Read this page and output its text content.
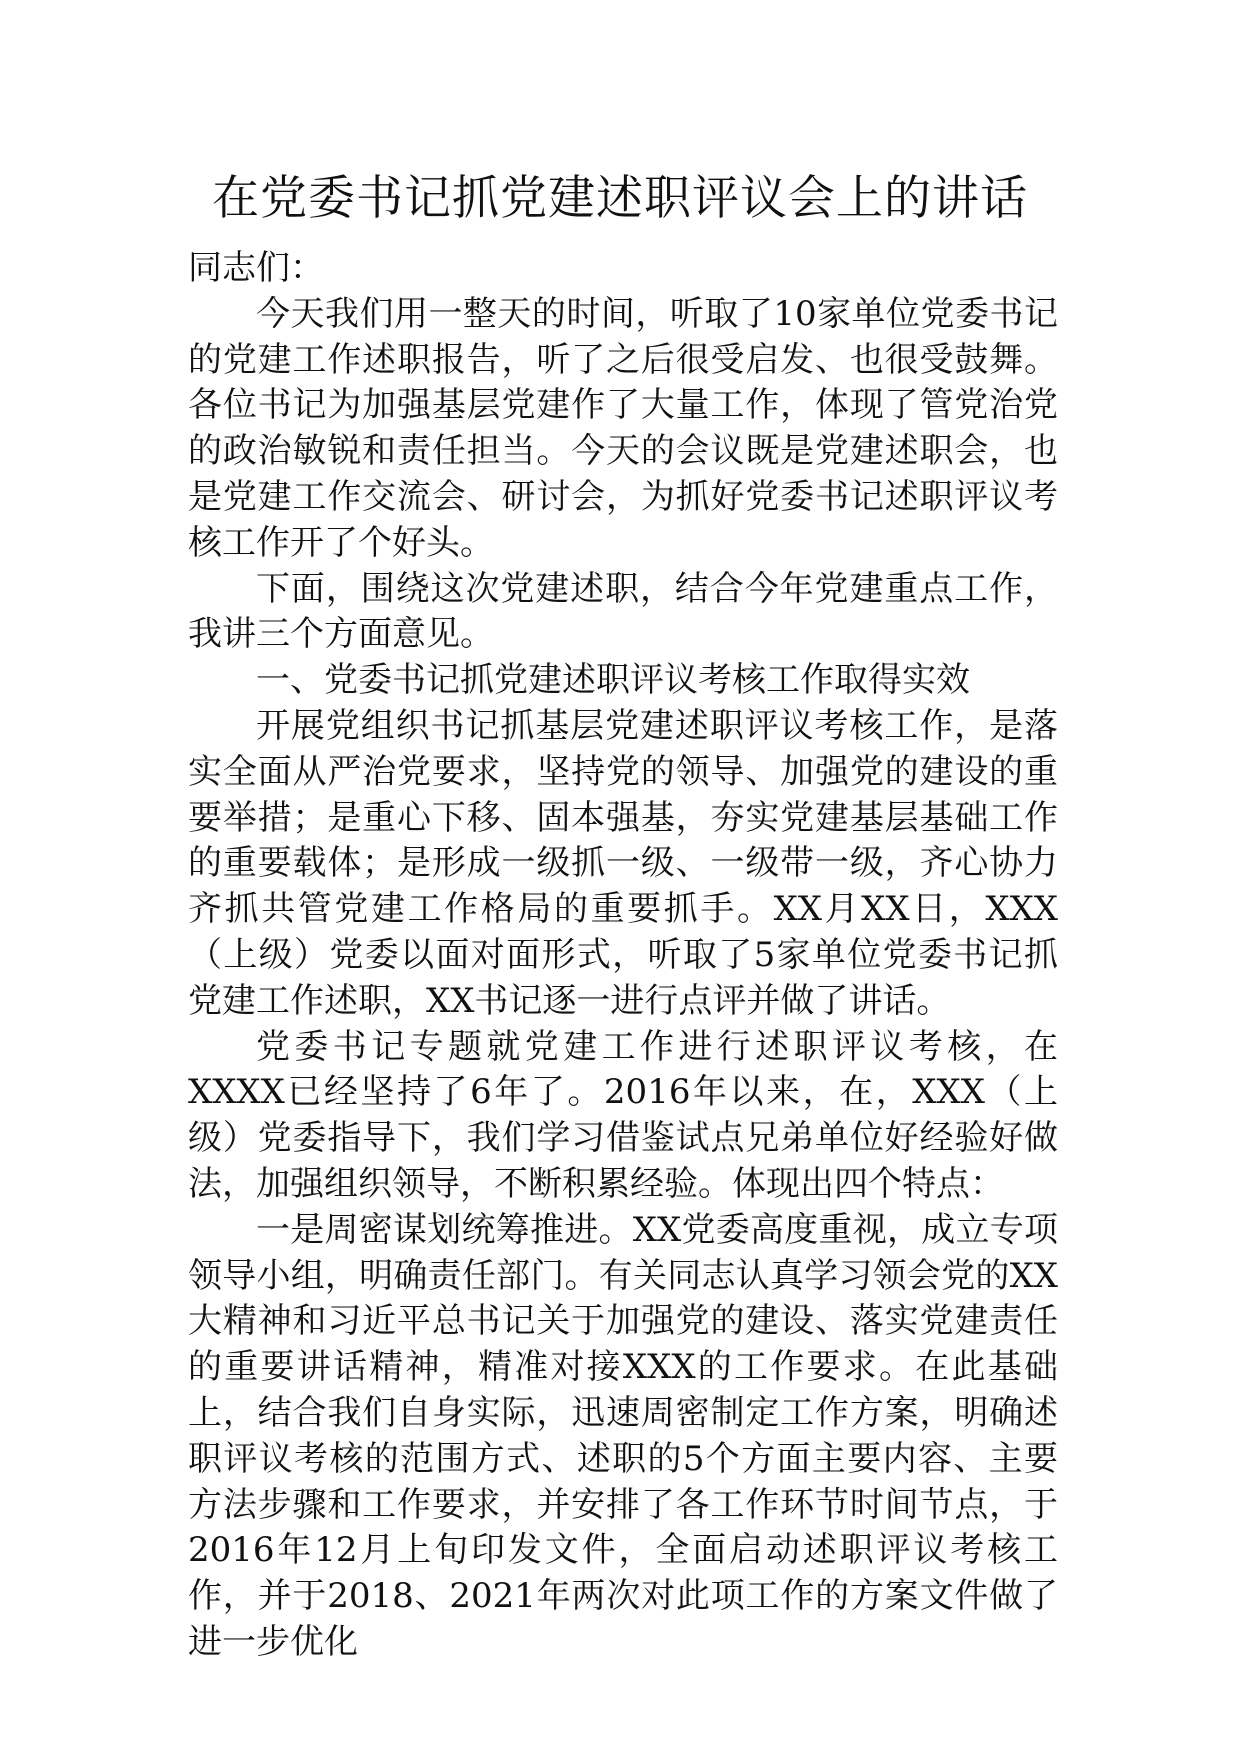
在党委书记抓党建述职评议会上的讲话

同志们：

今天我们用一整天的时间，听取了10家单位党委书记的党建工作述职报告，听了之后很受启发、也很受鼓舞。各位书记为加强基层党建作了大量工作，体现了管党治党的政治敏锐和责任担当。今天的会议既是党建述职会，也是党建工作交流会、研讨会，为抓好党委书记述职评议考核工作开了个好头。

下面，围绕这次党建述职，结合今年党建重点工作，我讲三个方面意见。

一、党委书记抓党建述职评议考核工作取得实效

开展党组织书记抓基层党建述职评议考核工作，是落实全面从严治党要求，坚持党的领导、加强党的建设的重要举措；是重心下移、固本强基，夯实党建基层基础工作的重要载体；是形成一级抓一级、一级带一级，齐心协力齐抓共管党建工作格局的重要抓手。XX月XX日，XXX（上级）党委以面对面形式，听取了5家单位党委书记抓党建工作述职，XX书记逐一进行点评并做了讲话。

党委书记专题就党建工作进行述职评议考核，在XXXX已经坚持了6年了。2016年以来，在，XXX（上级）党委指导下，我们学习借鉴试点兄弟单位好经验好做法，加强组织领导，不断积累经验。体现出四个特点：

一是周密谋划统筹推进。XX党委高度重视，成立专项领导小组，明确责任部门。有关同志认真学习领会党的XX大精神和习近平总书记关于加强党的建设、落实党建责任的重要讲话精神，精准对接XXX的工作要求。在此基础上，结合我们自身实际，迅速周密制定工作方案，明确述职评议考核的范围方式、述职的5个方面主要内容、主要方法步骤和工作要求，并安排了各工作环节时间节点，于2016年12月上旬印发文件，全面启动述职评议考核工作，并于2018、2021年两次对此项工作的方案文件做了进一步优化
